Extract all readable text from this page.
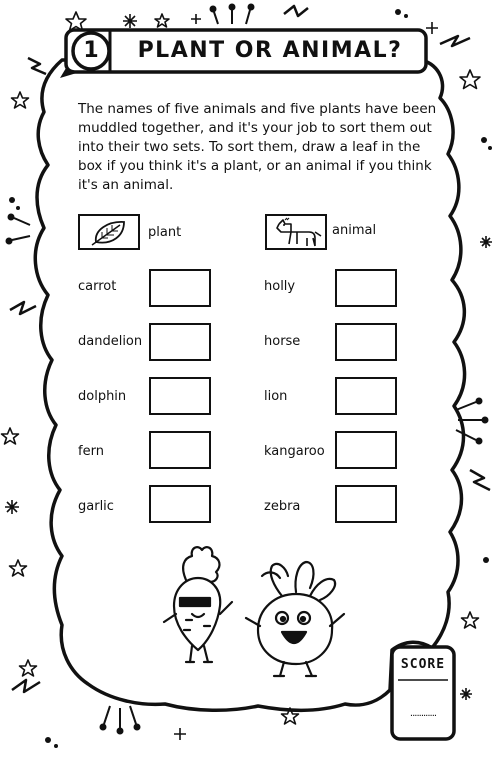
1	PLANT OR ANIMAL?
The names of five animals and five plants have been muddled together, and it's your job to sort them out into their two sets. To sort them, draw a leaf in the box if you think it's a plant, or an animal if you think it's an animal.
plant	animal
carrot
dandelion
dolphin
fern
garlic
holly
horse
lion
kangaroo
zebra
SCORE
............
